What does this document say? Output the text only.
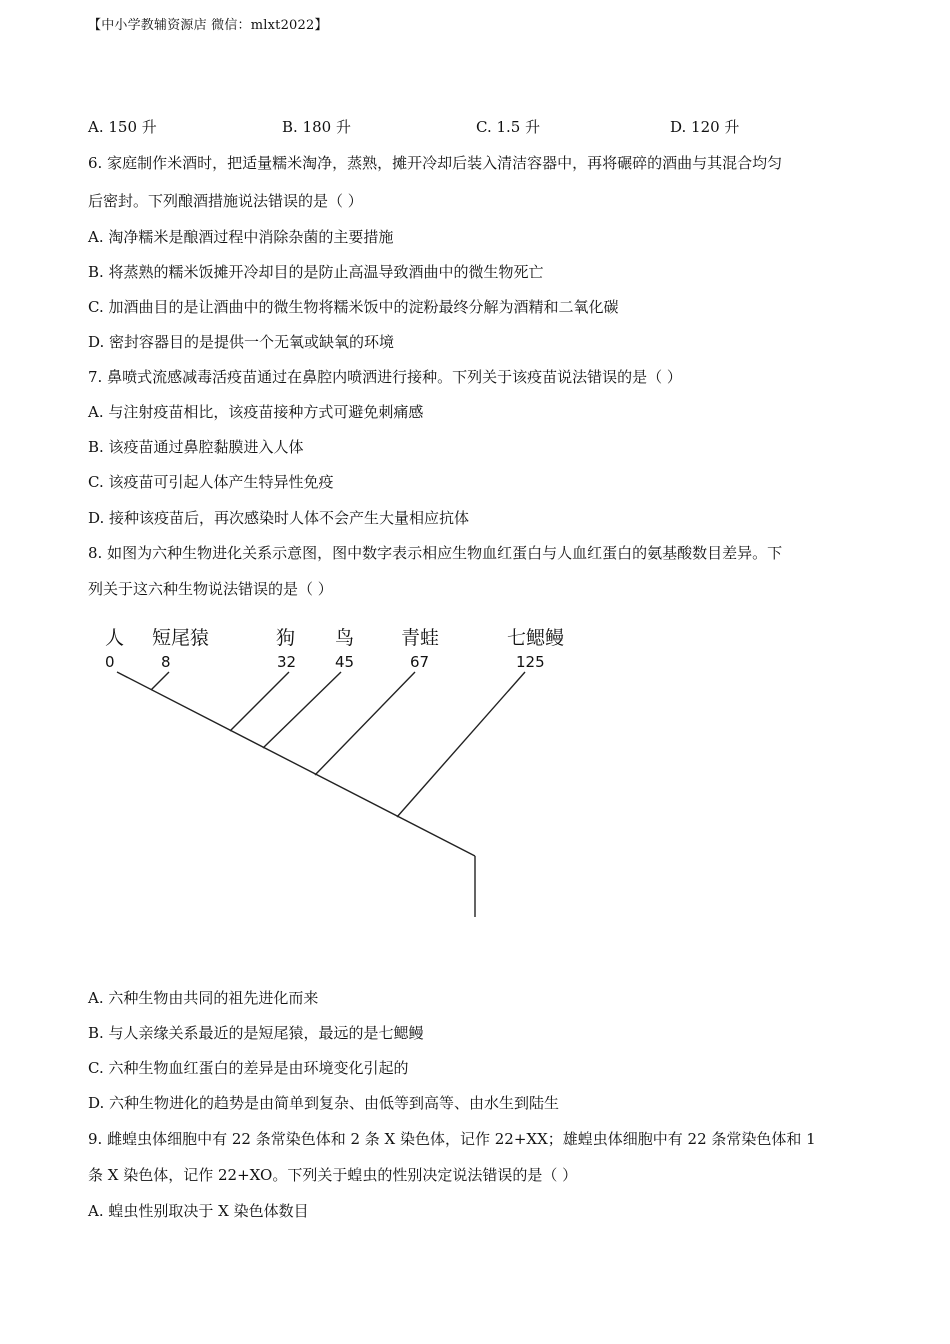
【中小学教辅资源店 微信：mlxt2022】
A. 150 升	B. 180 升	C. 1.5 升	D. 120 升
6. 家庭制作米酒时，把适量糯米淘净，蒸熟，摊开冷却后装入清洁容器中，再将碾碎的酒曲与其混合均匀
后密封。下列酿酒措施说法错误的是（ ）
A. 淘净糯米是酿酒过程中消除杂菌的主要措施
B. 将蒸熟的糯米饭摊开冷却目的是防止高温导致酒曲中的微生物死亡
C. 加酒曲目的是让酒曲中的微生物将糯米饭中的淀粉最终分解为酒精和二氧化碳
D. 密封容器目的是提供一个无氧或缺氧的环境
7. 鼻喷式流感减毒活疫苗通过在鼻腔内喷洒进行接种。下列关于该疫苗说法错误的是（ ）
A. 与注射疫苗相比，该疫苗接种方式可避免刺痛感
B. 该疫苗通过鼻腔黏膜进入人体
C. 该疫苗可引起人体产生特异性免疫
D. 接种该疫苗后，再次感染时人体不会产生大量相应抗体
8. 如图为六种生物进化关系示意图，图中数字表示相应生物血红蛋白与人血红蛋白的氨基酸数目差异。下
列关于这六种生物说法错误的是（ ）
人 短尾猿	狗 鸟 青蛙	七鳃鳗
0	8	32	45	67	125
A. 六种生物由共同的祖先进化而来
B. 与人亲缘关系最近的是短尾猿，最远的是七鳃鳗
C. 六种生物血红蛋白的差异是由环境变化引起的
D. 六种生物进化的趋势是由简单到复杂、由低等到高等、由水生到陆生
9. 雌蝗虫体细胞中有 22 条常染色体和 2 条 X 染色体，记作 22+XX；雄蝗虫体细胞中有 22 条常染色体和 1
条 X 染色体，记作 22+XO。下列关于蝗虫的性别决定说法错误的是（ ）
A. 蝗虫性别取决于 X 染色体数目
